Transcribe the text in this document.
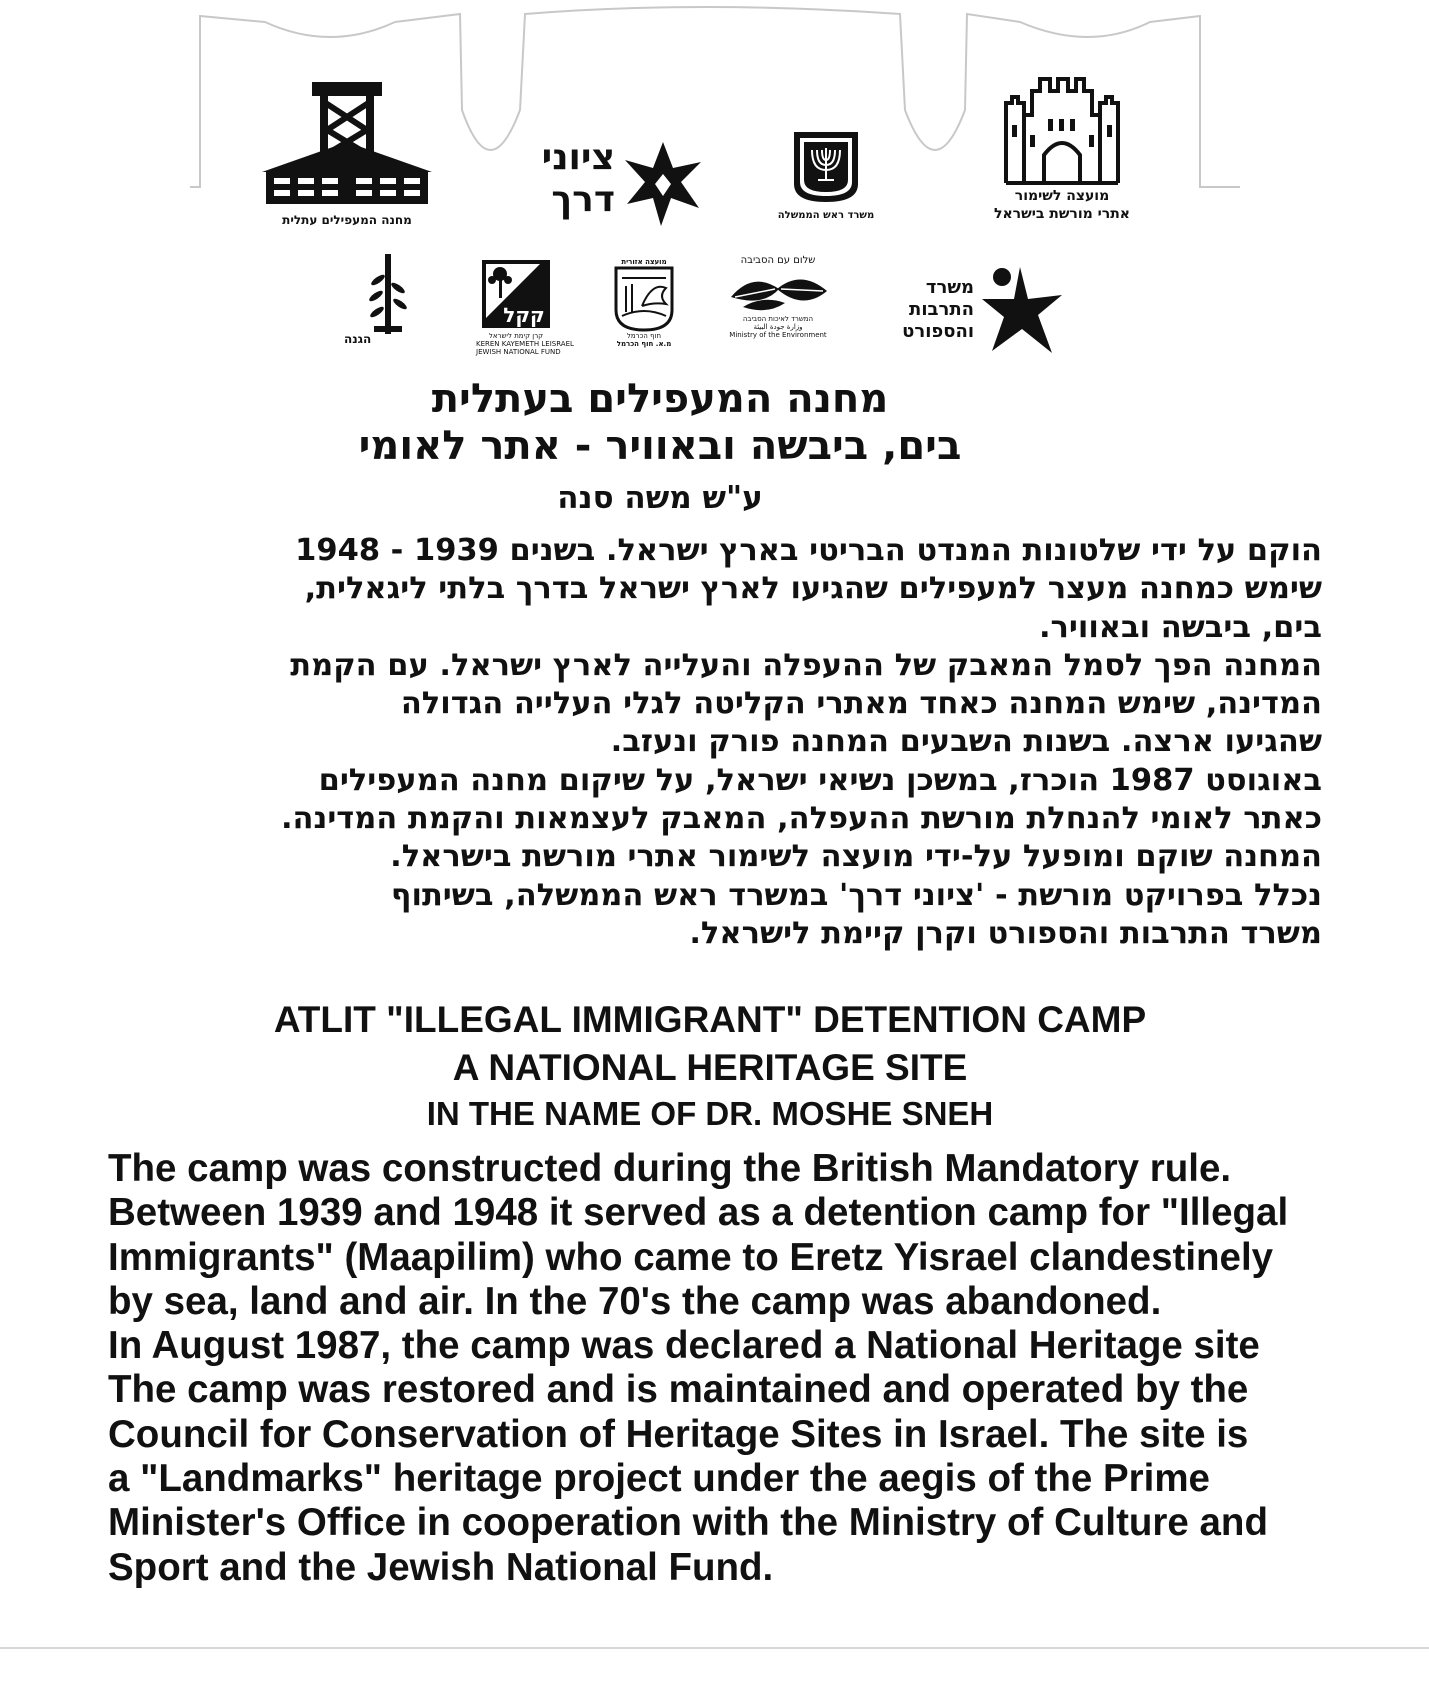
מחנה המעפילים עתלית
ציוני
דרך	משרד ראש הממשלה
מועצה לשימור
אתרי מורשת בישראל
הגנה
קקל
קרן קימת לישראל
KEREN KAYEMETH LEISRAEL
JEWISH NATIONAL FUND
מועצה אזורית
חוף הכרמל
מ.א. חוף הכרמל
שלום עם הסביבה
המשרד לאיכות הסביבה
وزارة جودة البيئة
Ministry of the Environment
משרד
התרבות
והספורט
מחנה המעפילים בעתלית
בים, ביבשה ובאוויר - אתר לאומי
ע"ש משה סנה
הוקם על ידי שלטונות המנדט הבריטי בארץ ישראל. בשנים 1939 - 1948
שימש כמחנה מעצר למעפילים שהגיעו לארץ ישראל בדרך בלתי ליגאלית,
בים, ביבשה ובאוויר.
המחנה הפך לסמל המאבק של ההעפלה והעלייה לארץ ישראל. עם הקמת
המדינה, שימש המחנה כאחד מאתרי הקליטה לגלי העלייה הגדולה
שהגיעו ארצה. בשנות השבעים המחנה פורק ונעזב.
באוגוסט 1987 הוכרז, במשכן נשיאי ישראל, על שיקום מחנה המעפילים
כאתר לאומי להנחלת מורשת ההעפלה, המאבק לעצמאות והקמת המדינה.
המחנה שוקם ומופעל על-ידי מועצה לשימור אתרי מורשת בישראל.
נכלל בפרויקט מורשת - 'ציוני דרך' במשרד ראש הממשלה, בשיתוף
משרד התרבות והספורט וקרן קיימת לישראל.
ATLIT "ILLEGAL IMMIGRANT" DETENTION CAMP
A NATIONAL HERITAGE SITE
IN THE NAME OF DR. MOSHE SNEH
The camp was constructed during the British Mandatory rule.
Between 1939 and 1948 it served as a detention camp for "Illegal
Immigrants" (Maapilim) who came to Eretz Yisrael clandestinely
by sea, land and air. In the 70's the camp was abandoned.
In August 1987, the camp was declared a National Heritage site
The camp was restored and is maintained and operated by the
Council for Conservation of Heritage Sites in Israel. The site is
a "Landmarks" heritage project under the aegis of the Prime
Minister's Office in cooperation with the Ministry of Culture and
Sport and the Jewish National Fund.
